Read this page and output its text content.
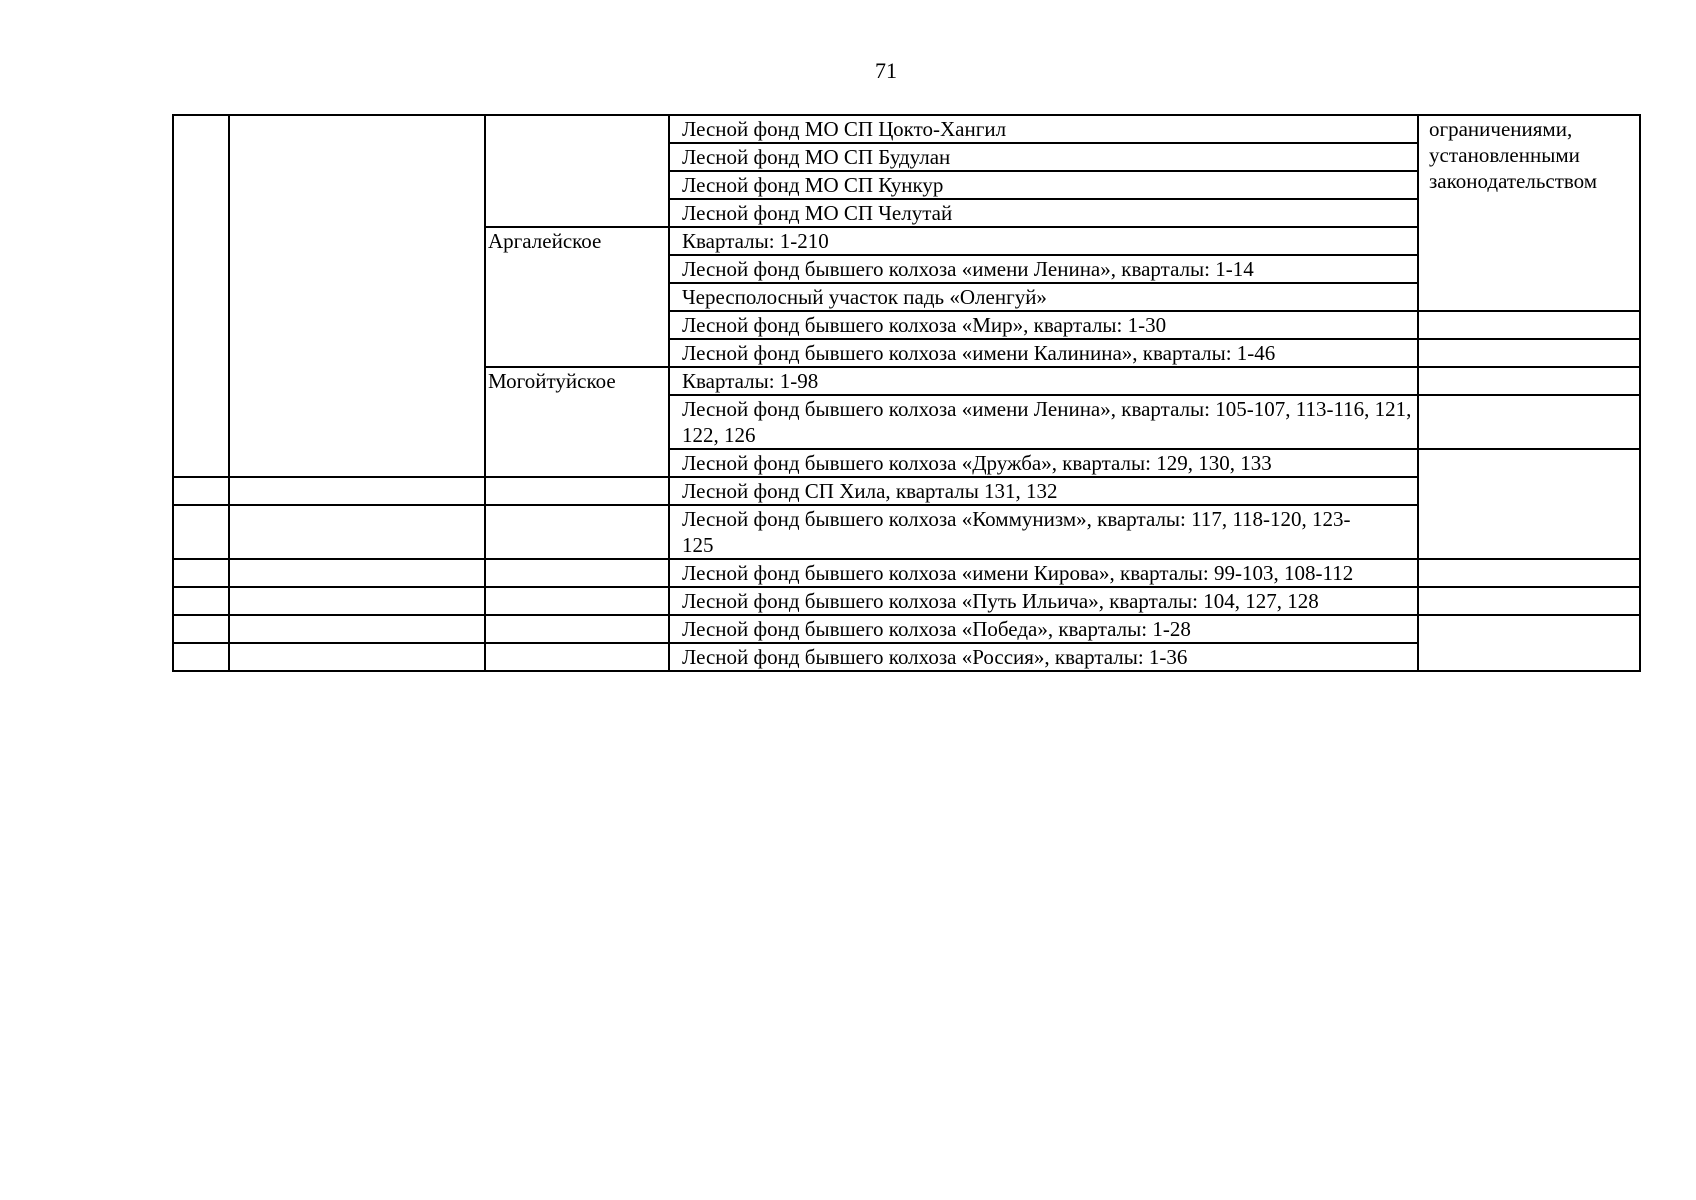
71
			Лесной фонд МО СП Цокто-Хангил	ограничениями, установленными законодательством
			Лесной фонд МО СП Будулан	
			Лесной фонд МО СП Кункур	
			Лесной фонд МО СП Челутай	
		Аргалейское	Кварталы: 1-210	
			Лесной фонд бывшего колхоза «имени Ленина», кварталы: 1-14	
			Чересполосный участок падь «Оленгуй»	
			Лесной фонд бывшего колхоза «Мир», кварталы: 1-30	
			Лесной фонд бывшего колхоза «имени Калинина», кварталы: 1-46	
		Могойтуйское	Кварталы: 1-98	
			Лесной фонд бывшего колхоза «имени Ленина», кварталы: 105-107, 113-116, 121, 122, 126	
			Лесной фонд бывшего колхоза «Дружба», кварталы: 129, 130, 133	
			Лесной фонд СП Хила, кварталы 131, 132	
			Лесной фонд бывшего колхоза «Коммунизм», кварталы: 117, 118-120, 123-
125	
			Лесной фонд бывшего колхоза «имени Кирова», кварталы: 99-103, 108-112	
			Лесной фонд бывшего колхоза «Путь Ильича», кварталы: 104, 127, 128	
			Лесной фонд бывшего колхоза «Победа», кварталы: 1-28	
			Лесной фонд бывшего колхоза «Россия», кварталы: 1-36	
